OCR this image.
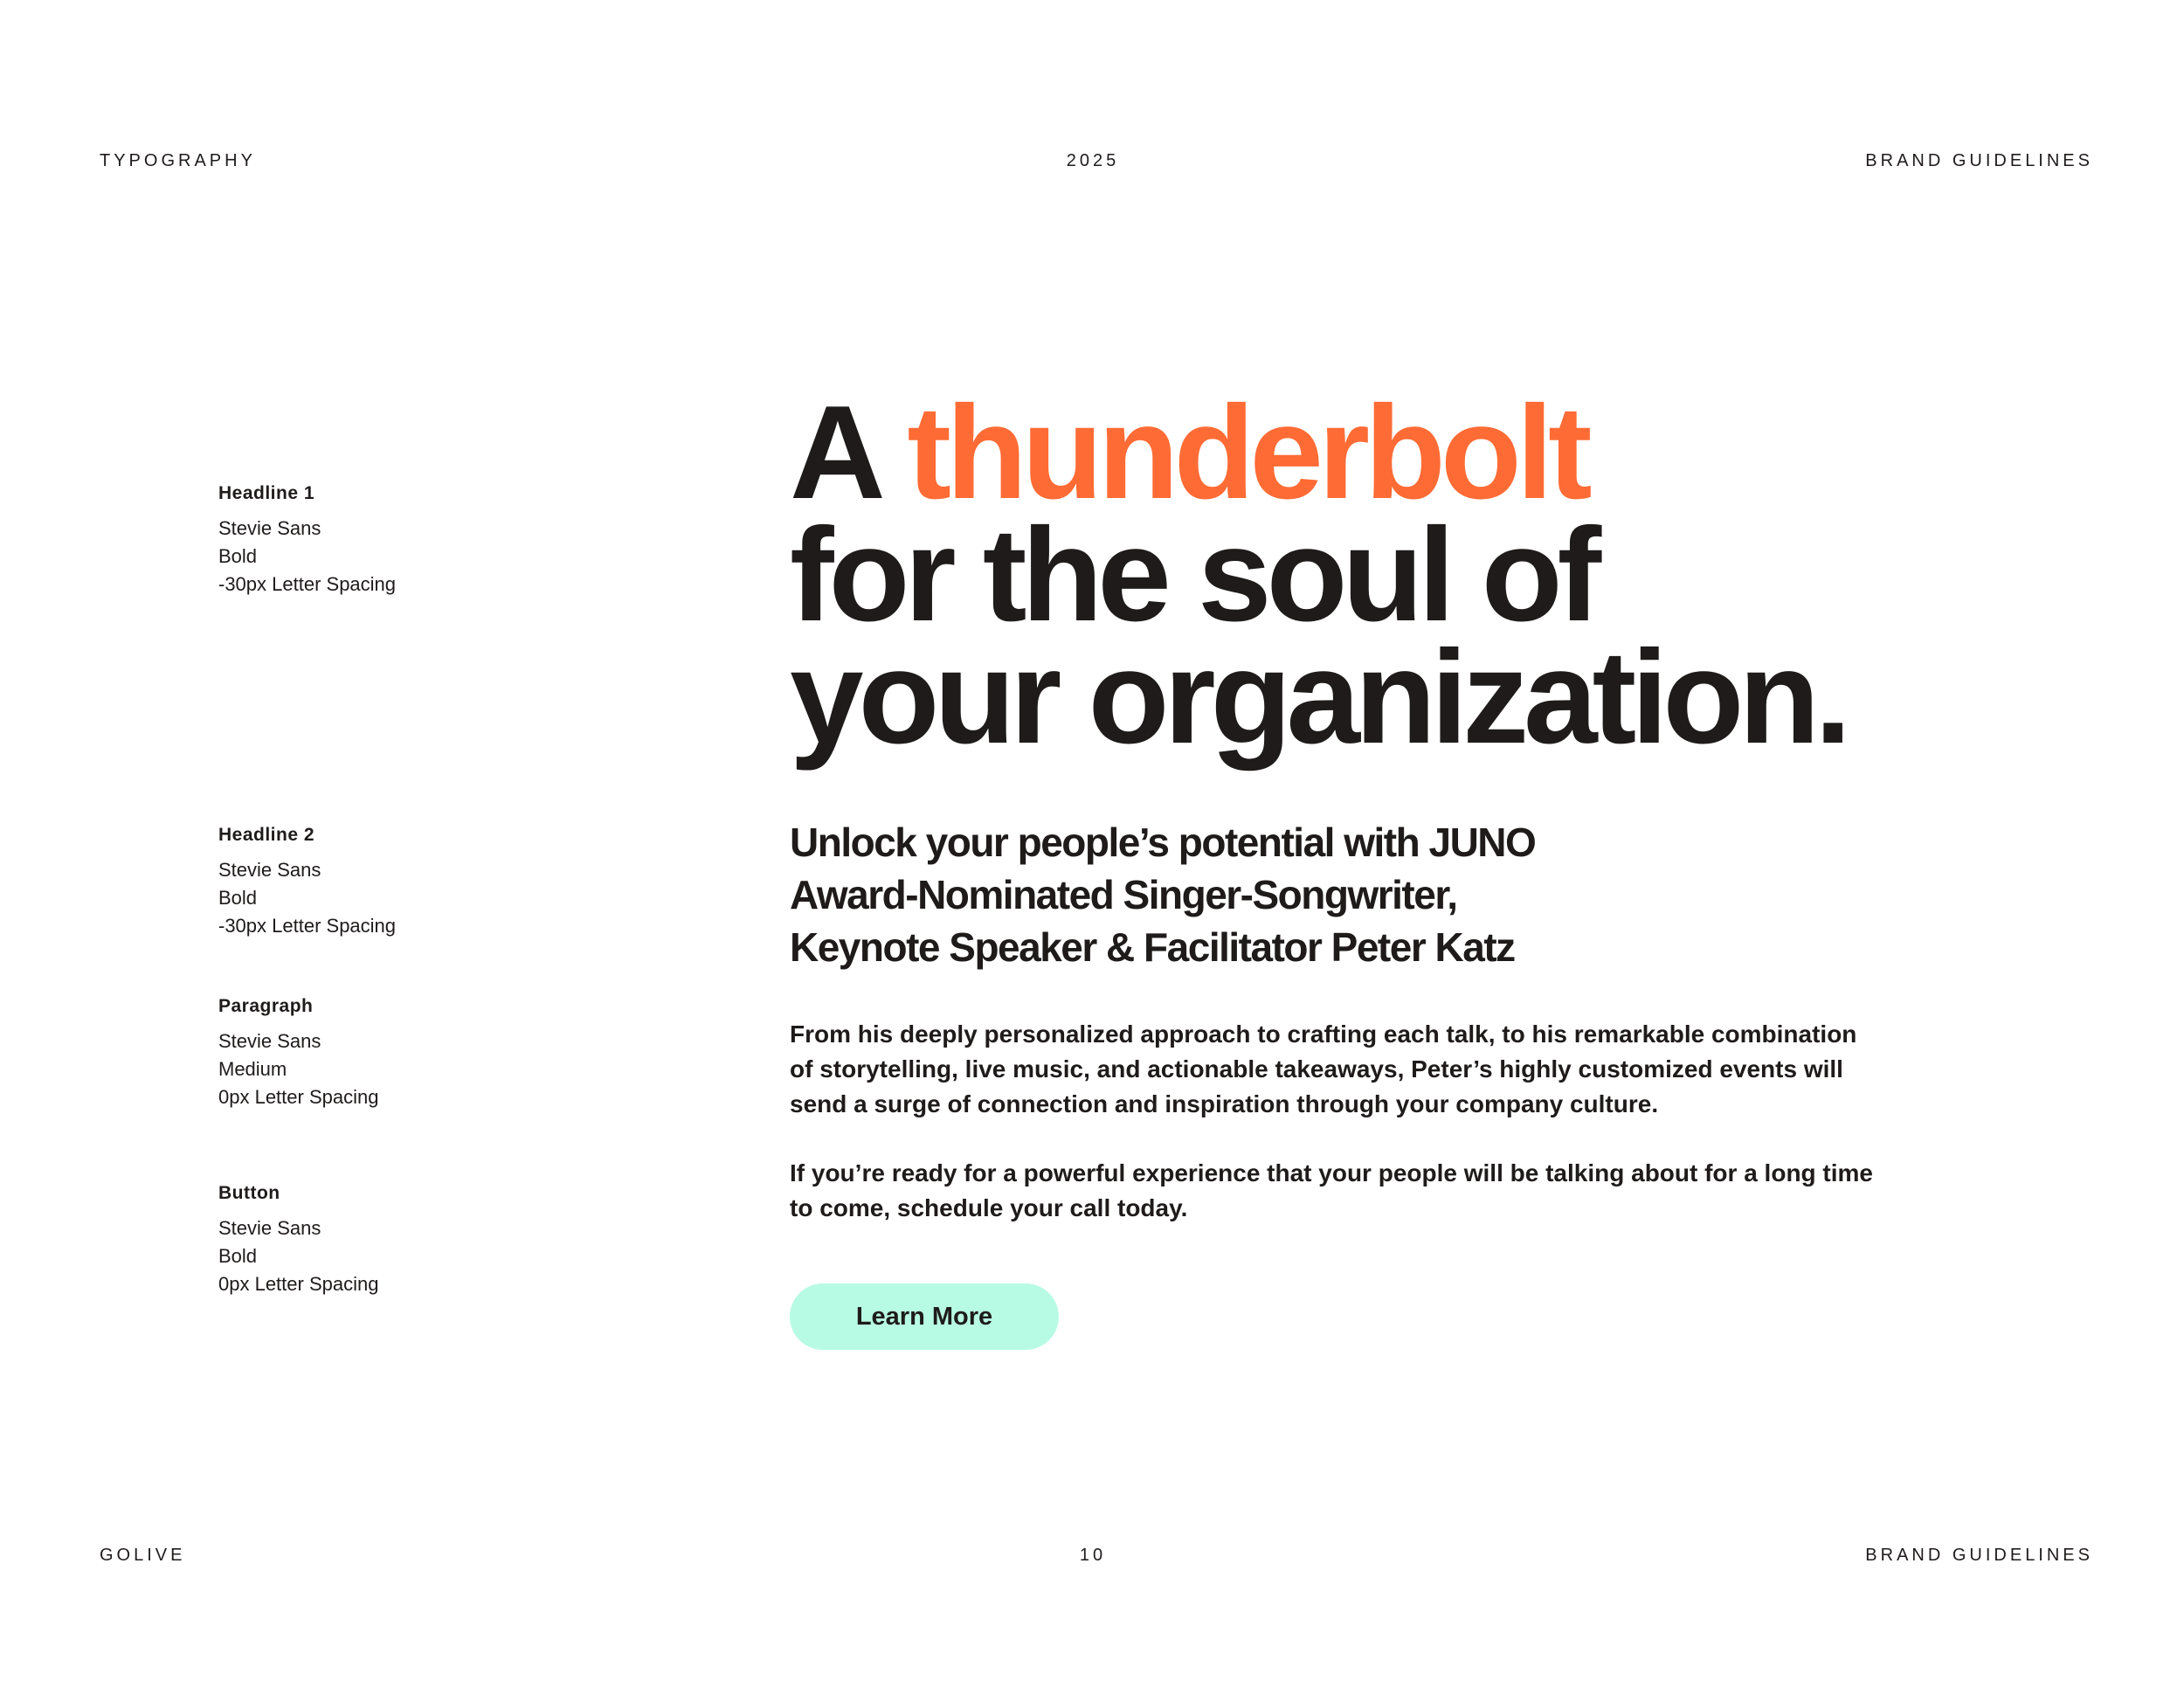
TYPOGRAPHY	2025	BRAND GUIDELINES
Headline 1
Stevie Sans
Bold
-30px Letter Spacing
Headline 2
Stevie Sans
Bold
-30px Letter Spacing
Paragraph
Stevie Sans
Medium
0px Letter Spacing
Button
Stevie Sans
Bold
0px Letter Spacing
A thunderbolt
for the soul of
your organization.
Unlock your people’s potential with JUNO
Award-Nominated Singer-Songwriter,
Keynote Speaker & Facilitator Peter Katz

From his deeply personalized approach to crafting each talk, to his remarkable combination
of storytelling, live music, and actionable takeaways, Peter’s highly customized events will
send a surge of connection and inspiration through your company culture.

If you’re ready for a powerful experience that your people will be talking about for a long time
to come, schedule your call today.

Learn More
GOLIVE	10	BRAND GUIDELINES
